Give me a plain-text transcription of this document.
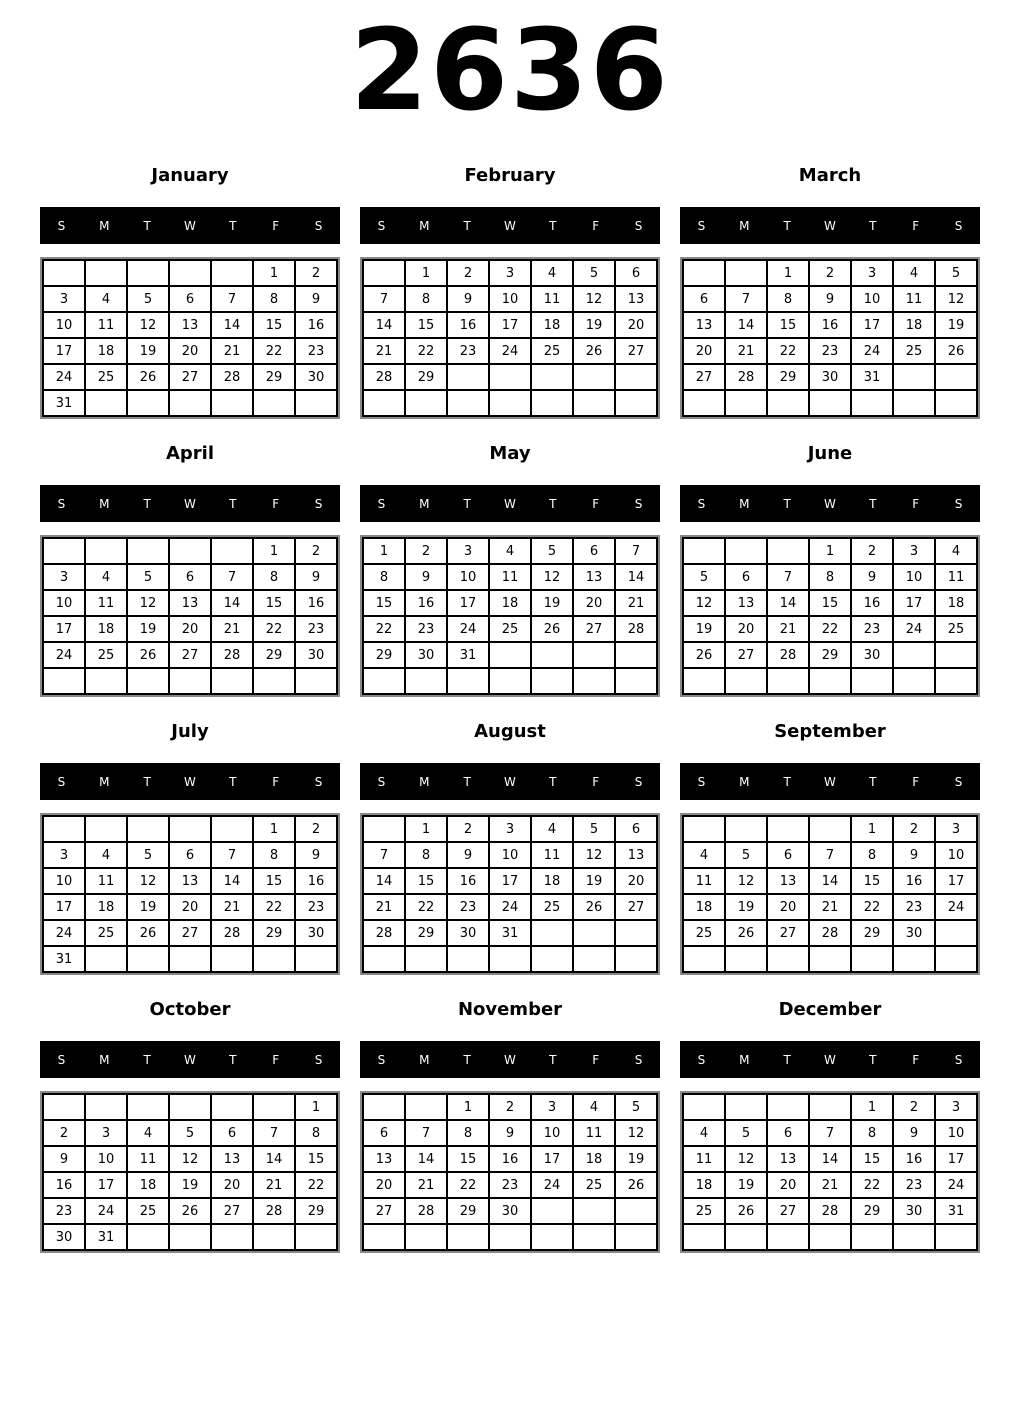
2636
January
S	M	T	W	T	F	S
					1	2
3	4	5	6	7	8	9
10	11	12	13	14	15	16
17	18	19	20	21	22	23
24	25	26	27	28	29	30
31						
February
S	M	T	W	T	F	S
	1	2	3	4	5	6
7	8	9	10	11	12	13
14	15	16	17	18	19	20
21	22	23	24	25	26	27
28	29					

March
S	M	T	W	T	F	S
		1	2	3	4	5
6	7	8	9	10	11	12
13	14	15	16	17	18	19
20	21	22	23	24	25	26
27	28	29	30	31		

April
S	M	T	W	T	F	S
					1	2
3	4	5	6	7	8	9
10	11	12	13	14	15	16
17	18	19	20	21	22	23
24	25	26	27	28	29	30

May
S	M	T	W	T	F	S
1	2	3	4	5	6	7
8	9	10	11	12	13	14
15	16	17	18	19	20	21
22	23	24	25	26	27	28
29	30	31				

June
S	M	T	W	T	F	S
			1	2	3	4
5	6	7	8	9	10	11
12	13	14	15	16	17	18
19	20	21	22	23	24	25
26	27	28	29	30		

July
S	M	T	W	T	F	S
					1	2
3	4	5	6	7	8	9
10	11	12	13	14	15	16
17	18	19	20	21	22	23
24	25	26	27	28	29	30
31						
August
S	M	T	W	T	F	S
	1	2	3	4	5	6
7	8	9	10	11	12	13
14	15	16	17	18	19	20
21	22	23	24	25	26	27
28	29	30	31			

September
S	M	T	W	T	F	S
				1	2	3
4	5	6	7	8	9	10
11	12	13	14	15	16	17
18	19	20	21	22	23	24
25	26	27	28	29	30	

October
S	M	T	W	T	F	S
						1
2	3	4	5	6	7	8
9	10	11	12	13	14	15
16	17	18	19	20	21	22
23	24	25	26	27	28	29
30	31					
November
S	M	T	W	T	F	S
		1	2	3	4	5
6	7	8	9	10	11	12
13	14	15	16	17	18	19
20	21	22	23	24	25	26
27	28	29	30			

December
S	M	T	W	T	F	S
				1	2	3
4	5	6	7	8	9	10
11	12	13	14	15	16	17
18	19	20	21	22	23	24
25	26	27	28	29	30	31
